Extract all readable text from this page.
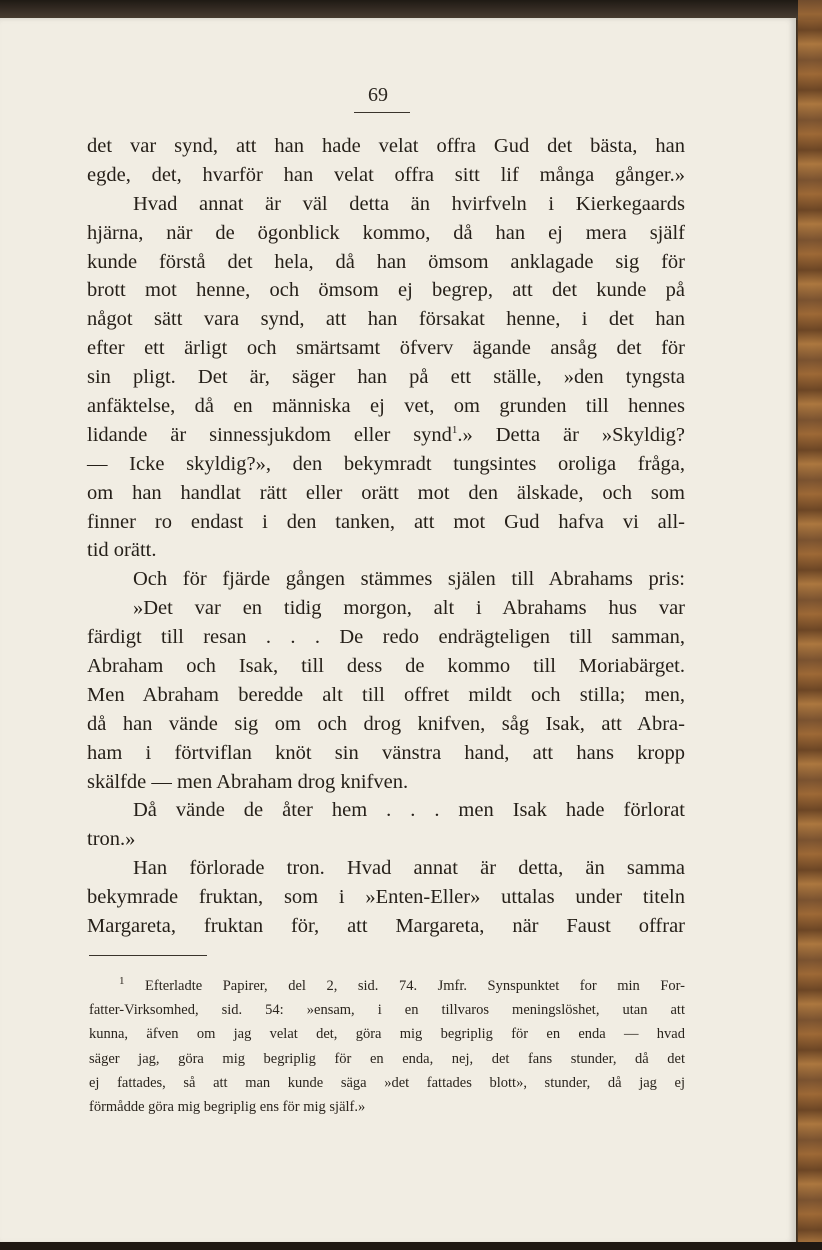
69
det var synd, att han hade velat offra Gud det bästa, han
egde, det, hvarför han velat offra sitt lif många gånger.»
Hvad annat är väl detta än hvirfveln i Kierkegaards
hjärna, när de ögonblick kommo, då han ej mera själf
kunde förstå det hela, då han ömsom anklagade sig för
brott mot henne, och ömsom ej begrep, att det kunde på
något sätt vara synd, att han försakat henne, i det han
efter ett ärligt och smärtsamt öfverv ägande ansåg det för
sin pligt. Det är, säger han på ett ställe, »den tyngsta
anfäktelse, då en människa ej vet, om grunden till hennes
lidande är sinnessjukdom eller synd$^1$.» Detta är »Skyldig?
— Icke skyldig?», den bekymradt tungsintes oroliga fråga,
om han handlat rätt eller orätt mot den älskade, och som
finner ro endast i den tanken, att mot Gud hafva vi all-
tid orätt.
Och för fjärde gången stämmes själen till Abrahams pris:
»Det var en tidig morgon, alt i Abrahams hus var
färdigt till resan . . . De redo endrägteligen till samman,
Abraham och Isak, till dess de kommo till Moriabärget.
Men Abraham beredde alt till offret mildt och stilla; men,
då han vände sig om och drog knifven, såg Isak, att Abra-
ham i förtviflan knöt sin vänstra hand, att hans kropp
skälfde — men Abraham drog knifven.
Då vände de åter hem . . . men Isak hade förlorat
tron.»
Han förlorade tron. Hvad annat är detta, än samma
bekymrade fruktan, som i »Enten-Eller» uttalas under titeln
Margareta, fruktan för, att Margareta, när Faust offrar
$^1$ Efterladte Papirer, del 2, sid. 74. Jmfr. Synspunktet for min For-
fatter-Virksomhed, sid. 54: »ensam, i en tillvaros meningslöshet, utan att
kunna, äfven om jag velat det, göra mig begriplig för en enda — hvad
säger jag, göra mig begriplig för en enda, nej, det fans stunder, då det
ej fattades, så att man kunde säga »det fattades blott», stunder, då jag ej
förmådde göra mig begriplig ens för mig själf.»
